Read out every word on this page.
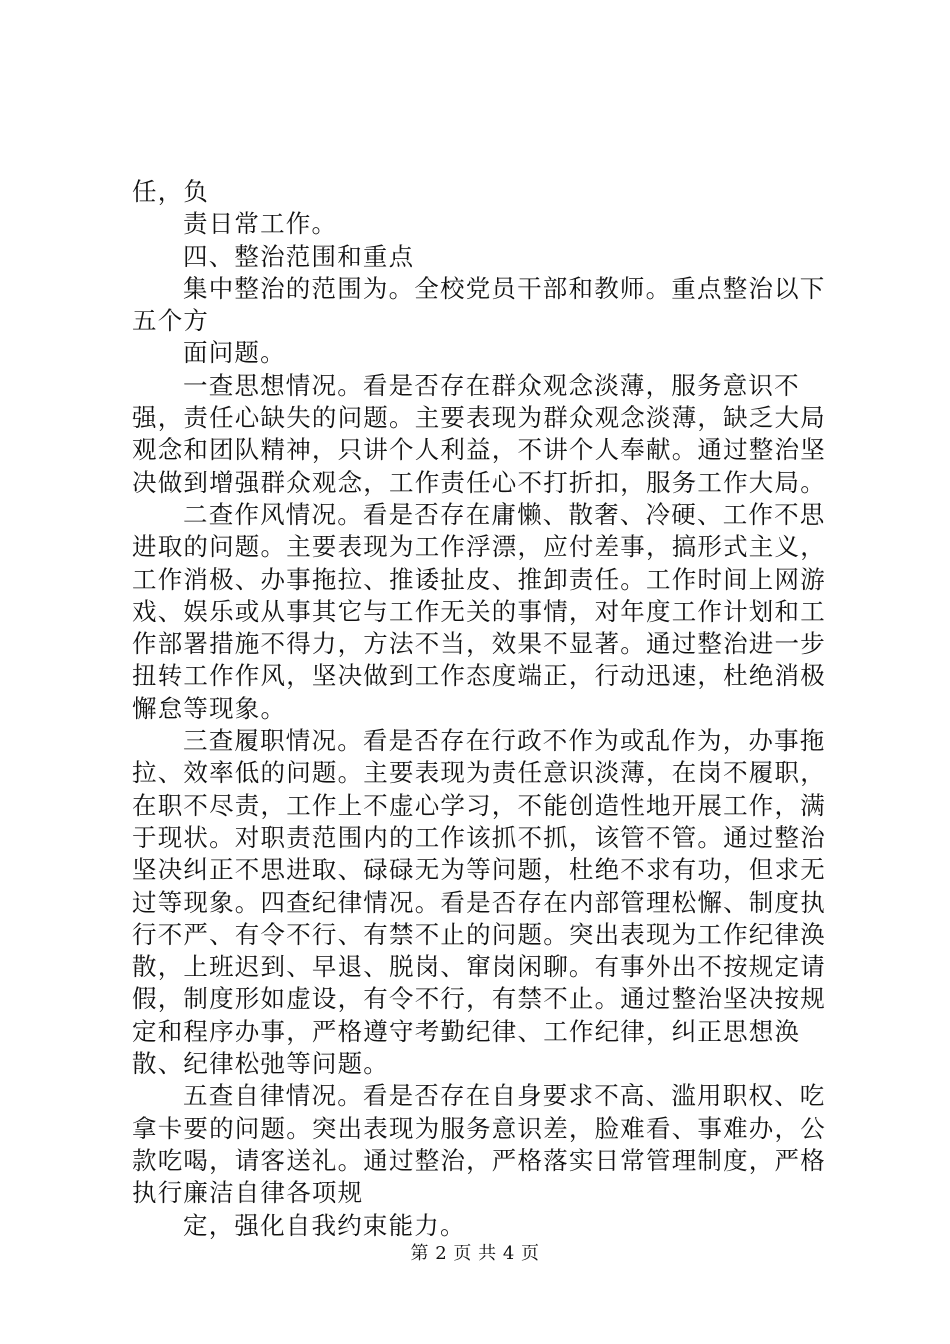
任，负

责日常工作。

四、整治范围和重点

集中整治的范围为。全校党员干部和教师。重点整治以下五个方

面问题。

一查思想情况。看是否存在群众观念淡薄，服务意识不强，责任心缺失的问题。主要表现为群众观念淡薄，缺乏大局观念和团队精神，只讲个人利益，不讲个人奉献。通过整治坚决做到增强群众观念，工作责任心不打折扣，服务工作大局。

二查作风情况。看是否存在庸懒、散奢、冷硬、工作不思进取的问题。主要表现为工作浮漂，应付差事，搞形式主义，工作消极、办事拖拉、推诿扯皮、推卸责任。工作时间上网游戏、娱乐或从事其它与工作无关的事情，对年度工作计划和工作部署措施不得力，方法不当，效果不显著。通过整治进一步扭转工作作风，坚决做到工作态度端正，行动迅速，杜绝消极懈怠等现象。

三查履职情况。看是否存在行政不作为或乱作为，办事拖拉、效率低的问题。主要表现为责任意识淡薄，在岗不履职，在职不尽责，工作上不虚心学习，不能创造性地开展工作，满于现状。对职责范围内的工作该抓不抓，该管不管。通过整治坚决纠正不思进取、碌碌无为等问题，杜绝不求有功，但求无过等现象。四查纪律情况。看是否存在内部管理松懈、制度执行不严、有令不行、有禁不止的问题。突出表现为工作纪律涣散，上班迟到、早退、脱岗、窜岗闲聊。有事外出不按规定请假，制度形如虚设，有令不行，有禁不止。通过整治坚决按规定和程序办事，严格遵守考勤纪律、工作纪律，纠正思想涣散、纪律松弛等问题。

五查自律情况。看是否存在自身要求不高、滥用职权、吃拿卡要的问题。突出表现为服务意识差，脸难看、事难办，公款吃喝，请客送礼。通过整治，严格落实日常管理制度，严格执行廉洁自律各项规

定，强化自我约束能力。

第 2 页 共 4 页
